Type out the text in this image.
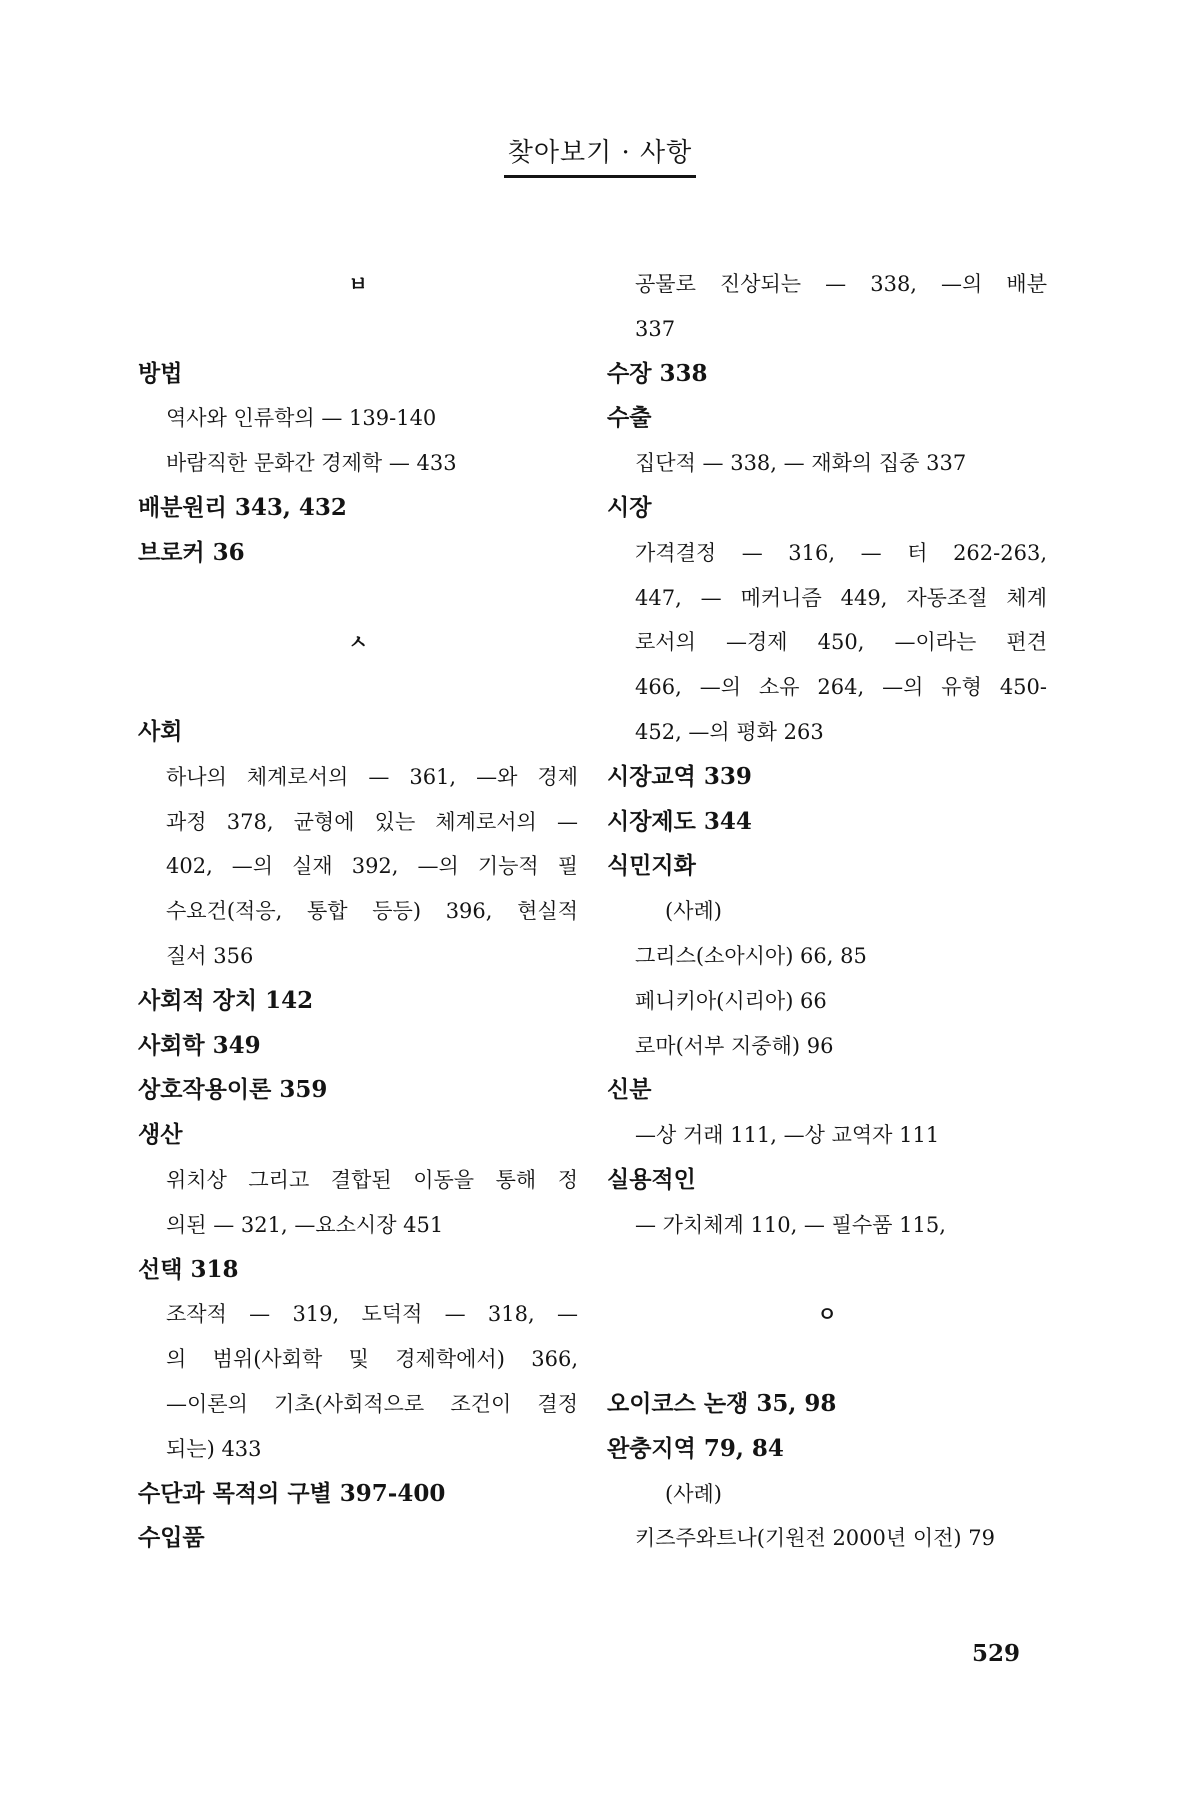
찾아보기 · 사항
ㅂ
방법
역사와 인류학의 — 139-140
바람직한 문화간 경제학 — 433
배분원리 343, 432
브로커 36
ㅅ
사회
하나의 체계로서의 — 361, —와 경제
과정 378, 균형에 있는 체계로서의 —
402, —의 실재 392, —의 기능적 필
수요건(적응, 통합 등등) 396, 현실적
질서 356
사회적 장치 142
사회학 349
상호작용이론 359
생산
위치상 그리고 결합된 이동을 통해 정
의된 — 321, —요소시장 451
선택 318
조작적 — 319, 도덕적 — 318, —
의 범위(사회학 및 경제학에서) 366,
—이론의 기초(사회적으로 조건이 결정
되는) 433
수단과 목적의 구별 397-400
수입품
공물로 진상되는 — 338, —의 배분
337
수장 338
수출
집단적 — 338, — 재화의 집중 337
시장
가격결정 — 316, — 터 262-263,
447, — 메커니즘 449, 자동조절 체계
로서의 —경제 450, —이라는 편견
466, —의 소유 264, —의 유형 450-
452, —의 평화 263
시장교역 339
시장제도 344
식민지화
(사례)
그리스(소아시아) 66, 85
페니키아(시리아) 66
로마(서부 지중해) 96
신분
—상 거래 111, —상 교역자 111
실용적인
— 가치체계 110, — 필수품 115,
ㅇ
오이코스 논쟁 35, 98
완충지역 79, 84
(사례)
키즈주와트나(기원전 2000년 이전) 79
529
